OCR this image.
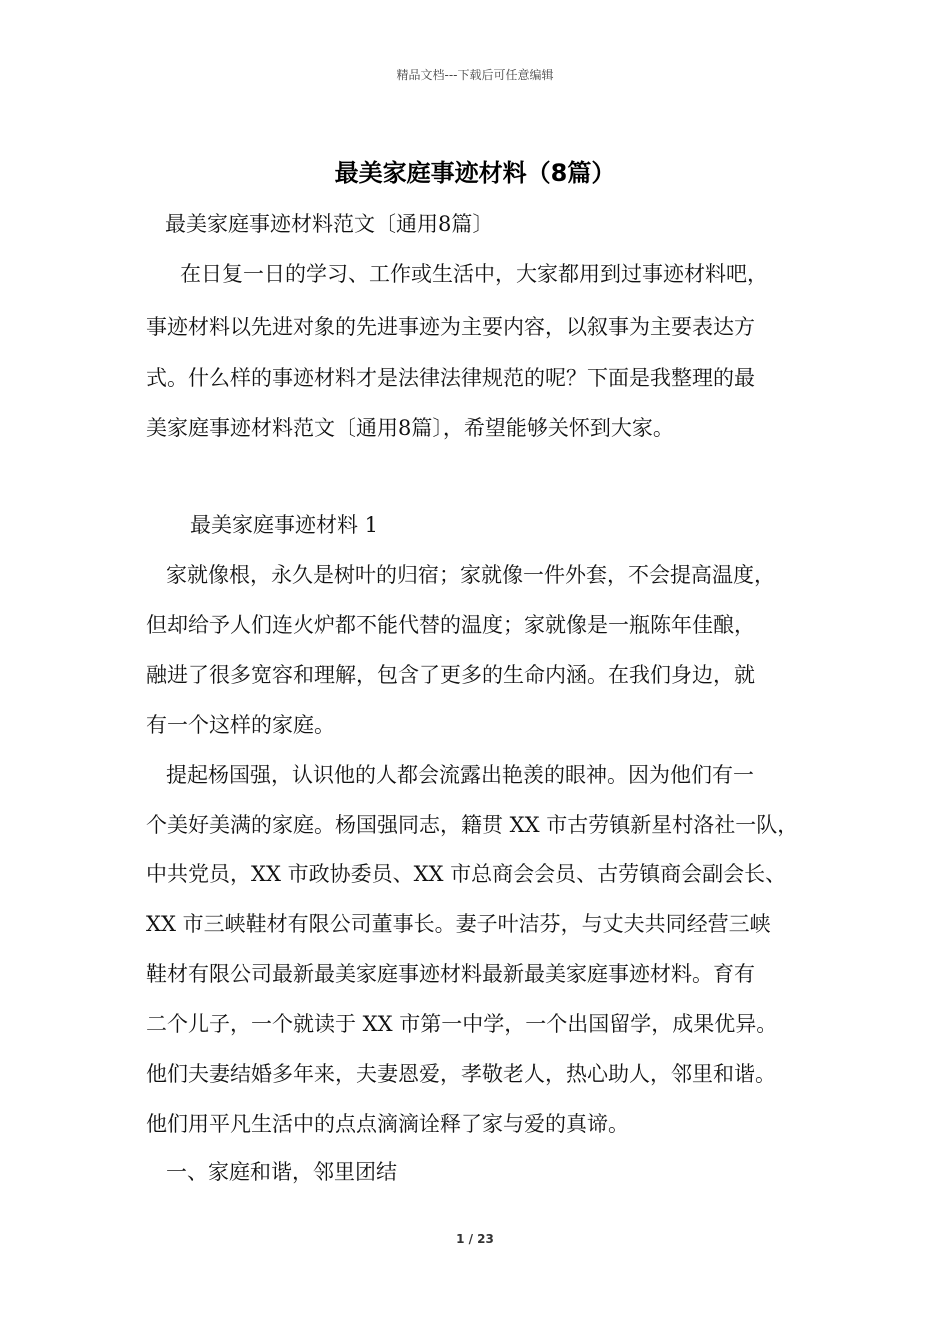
精品文档---下载后可任意编辑
最美家庭事迹材料（8篇）
最美家庭事迹材料范文〔通用8篇〕
在日复一日的学习、工作或生活中，大家都用到过事迹材料吧，
事迹材料以先进对象的先进事迹为主要内容，以叙事为主要表达方
式。什么样的事迹材料才是法律法律规范的呢？下面是我整理的最
美家庭事迹材料范文〔通用8篇〕，希望能够关怀到大家。
最美家庭事迹材料 1
家就像根，永久是树叶的归宿；家就像一件外套，不会提高温度，
但却给予人们连火炉都不能代替的温度；家就像是一瓶陈年佳酿，
融进了很多宽容和理解，包含了更多的生命内涵。在我们身边，就
有一个这样的家庭。
提起杨国强，认识他的人都会流露出艳羡的眼神。因为他们有一
个美好美满的家庭。杨国强同志，籍贯 XX 市古劳镇新星村洛社一队，
中共党员，XX 市政协委员、XX 市总商会会员、古劳镇商会副会长、
XX 市三峡鞋材有限公司董事长。妻子叶洁芬，与丈夫共同经营三峡
鞋材有限公司最新最美家庭事迹材料最新最美家庭事迹材料。育有
二个儿子，一个就读于 XX 市第一中学，一个出国留学，成果优异。
他们夫妻结婚多年来，夫妻恩爱，孝敬老人，热心助人，邻里和谐。
他们用平凡生活中的点点滴滴诠释了家与爱的真谛。
一、家庭和谐，邻里团结
1 / 23
